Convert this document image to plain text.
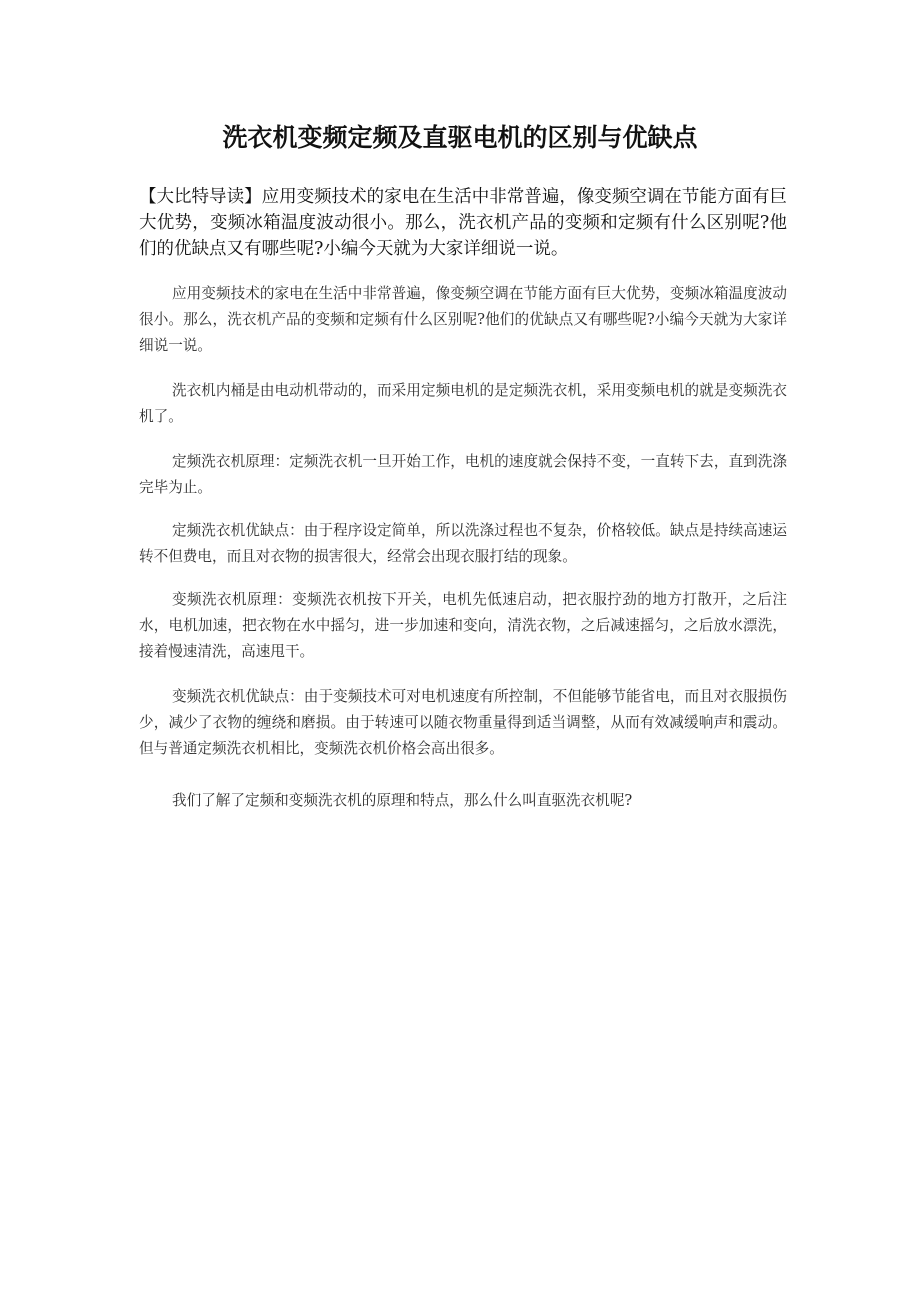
洗衣机变频定频及直驱电机的区别与优缺点

【大比特导读】应用变频技术的家电在生活中非常普遍，像变频空调在节能方面有巨大优势，变频冰箱温度波动很小。那么，洗衣机产品的变频和定频有什么区别呢?他们的优缺点又有哪些呢?小编今天就为大家详细说一说。

应用变频技术的家电在生活中非常普遍，像变频空调在节能方面有巨大优势，变频冰箱温度波动很小。那么，洗衣机产品的变频和定频有什么区别呢?他们的优缺点又有哪些呢?小编今天就为大家详细说一说。

洗衣机内桶是由电动机带动的，而采用定频电机的是定频洗衣机，采用变频电机的就是变频洗衣机了。

定频洗衣机原理：定频洗衣机一旦开始工作，电机的速度就会保持不变，一直转下去，直到洗涤完毕为止。

定频洗衣机优缺点：由于程序设定简单，所以洗涤过程也不复杂，价格较低。缺点是持续高速运转不但费电，而且对衣物的损害很大，经常会出现衣服打结的现象。

变频洗衣机原理：变频洗衣机按下开关，电机先低速启动，把衣服拧劲的地方打散开，之后注水，电机加速，把衣物在水中摇匀，进一步加速和变向，清洗衣物，之后减速摇匀，之后放水漂洗，接着慢速清洗，高速甩干。

变频洗衣机优缺点：由于变频技术可对电机速度有所控制，不但能够节能省电，而且对衣服损伤少，减少了衣物的缠绕和磨损。由于转速可以随衣物重量得到适当调整，从而有效减缓响声和震动。但与普通定频洗衣机相比，变频洗衣机价格会高出很多。

我们了解了定频和变频洗衣机的原理和特点，那么什么叫直驱洗衣机呢?
